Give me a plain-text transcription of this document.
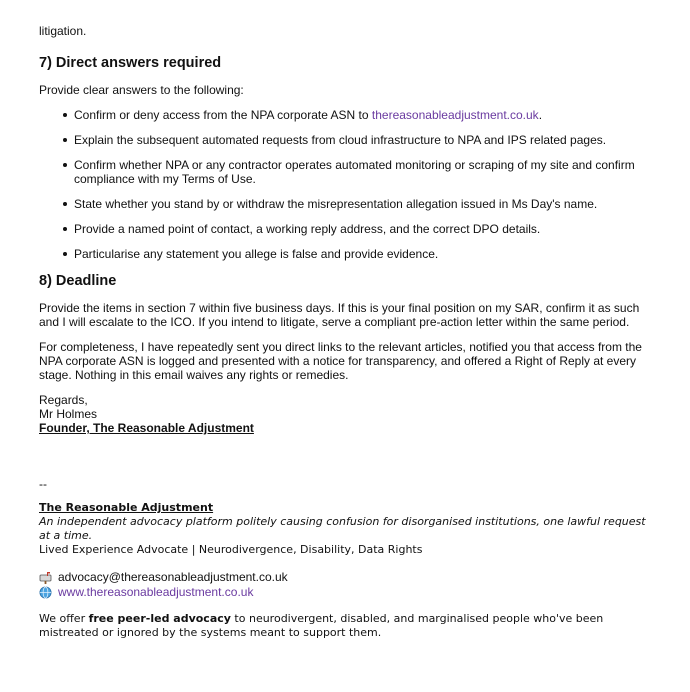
litigation.

7) Direct answers required

Provide clear answers to the following:

Confirm or deny access from the NPA corporate ASN to thereasonableadjustment.co.uk.
Explain the subsequent automated requests from cloud infrastructure to NPA and IPS related pages.
Confirm whether NPA or any contractor operates automated monitoring or scraping of my site and confirm compliance with my Terms of Use.
State whether you stand by or withdraw the misrepresentation allegation issued in Ms Day's name.
Provide a named point of contact, a working reply address, and the correct DPO details.
Particularise any statement you allege is false and provide evidence.
8) Deadline

Provide the items in section 7 within five business days. If this is your final position on my SAR, confirm it as such and I will escalate to the ICO. If you intend to litigate, serve a compliant pre-action letter within the same period.

For completeness, I have repeatedly sent you direct links to the relevant articles, notified you that access from the NPA corporate ASN is logged and presented with a notice for transparency, and offered a Right of Reply at every stage. Nothing in this email waives any rights or remedies.

Regards,

Mr Holmes

Founder, The Reasonable Adjustment

--

The Reasonable Adjustment

An independent advocacy platform politely causing confusion for disorganised institutions, one lawful request at a time.

Lived Experience Advocate | Neurodivergence, Disability, Data Rights

advocacy@thereasonableadjustment.co.uk
www.thereasonableadjustment.co.uk

We offer free peer-led advocacy to neurodivergent, disabled, and marginalised people who've been mistreated or ignored by the systems meant to support them.
